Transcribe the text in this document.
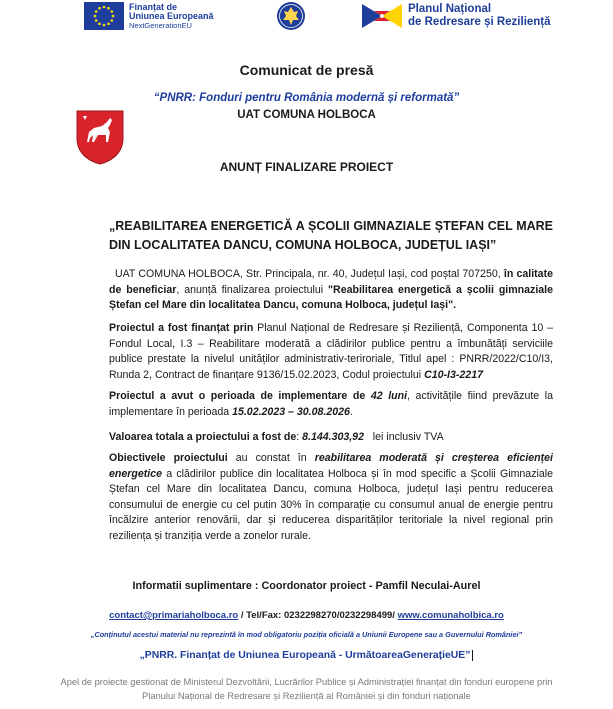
Finanțat de
Uniunea Europeană
NextGenerationEU
Planul Național
de Redresare și Reziliență
Comunicat de presă
“PNRR: Fonduri pentru România modernă și reformată”
UAT COMUNA HOLBOCA
ANUNȚ FINALIZARE PROIECT
„REABILITAREA ENERGETICĂ A ȘCOLII GIMNAZIALE ȘTEFAN CEL MARE DIN LOCALITATEA DANCU, COMUNA HOLBOCA, JUDEȚUL IAȘI”
UAT COMUNA HOLBOCA, Str. Principala, nr. 40, Județul Iași, cod poștal 707250, în calitate de beneficiar, anunță finalizarea proiectului "Reabilitarea energetică a școlii gimnaziale Ștefan cel Mare din localitatea Dancu, comuna Holboca, județul Iași".
Proiectul a fost finanțat prin Planul Național de Redresare și Reziliență, Componenta 10 – Fondul Local, I.3 – Reabilitare moderată a clădirilor publice pentru a îmbunătăți serviciile publice prestate la nivelul unităților administrativ-teriroriale, Titlul apel : PNRR/2022/C10/I3, Runda 2, Contract de finanțare 9136/15.02.2023, Codul proiectului C10-I3-2217
Proiectul a avut o perioada de implementare de 42 luni, activitățile fiind prevăzute la implementare în perioada 15.02.2023 – 30.08.2026.
Valoarea totala a proiectului a fost de: 8.144.303,92   lei inclusiv TVA
Obiectivele proiectului au constat în reabilitarea moderată și creșterea eficienței energetice a clădirilor publice din localitatea Holboca și în mod specific a Școlii Gimnaziale Ștefan cel Mare din localitatea Dancu, comuna Holboca, județul Iași pentru reducerea consumului de energie cu cel putin 30% în comparație cu consumul anual de energie pentru încălzire anterior renovării, dar și reducerea disparităților teritoriale la nivel regional prin reziliența și tranziția verde a zonelor rurale.
Informatii suplimentare : Coordonator proiect - Pamfil Neculai-Aurel
contact@primariaholboca.ro / Tel/Fax: 0232298270/0232298499/ www.comunaholbica.ro
„Conținutul acestui material nu reprezintă în mod obligatoriu poziția oficială a Uniunii Europene sau a Guvernului României”
„PNRR. Finanțat de Uniunea Europeană - UrmătoareaGenerațieUE”
Apel de proiecte gestionat de Ministerul Dezvoltării, Lucrărilor Publice și Administrației finanțat din fonduri europene prin Planului Național de Redresare și Reziliență al României și din fonduri naționale
